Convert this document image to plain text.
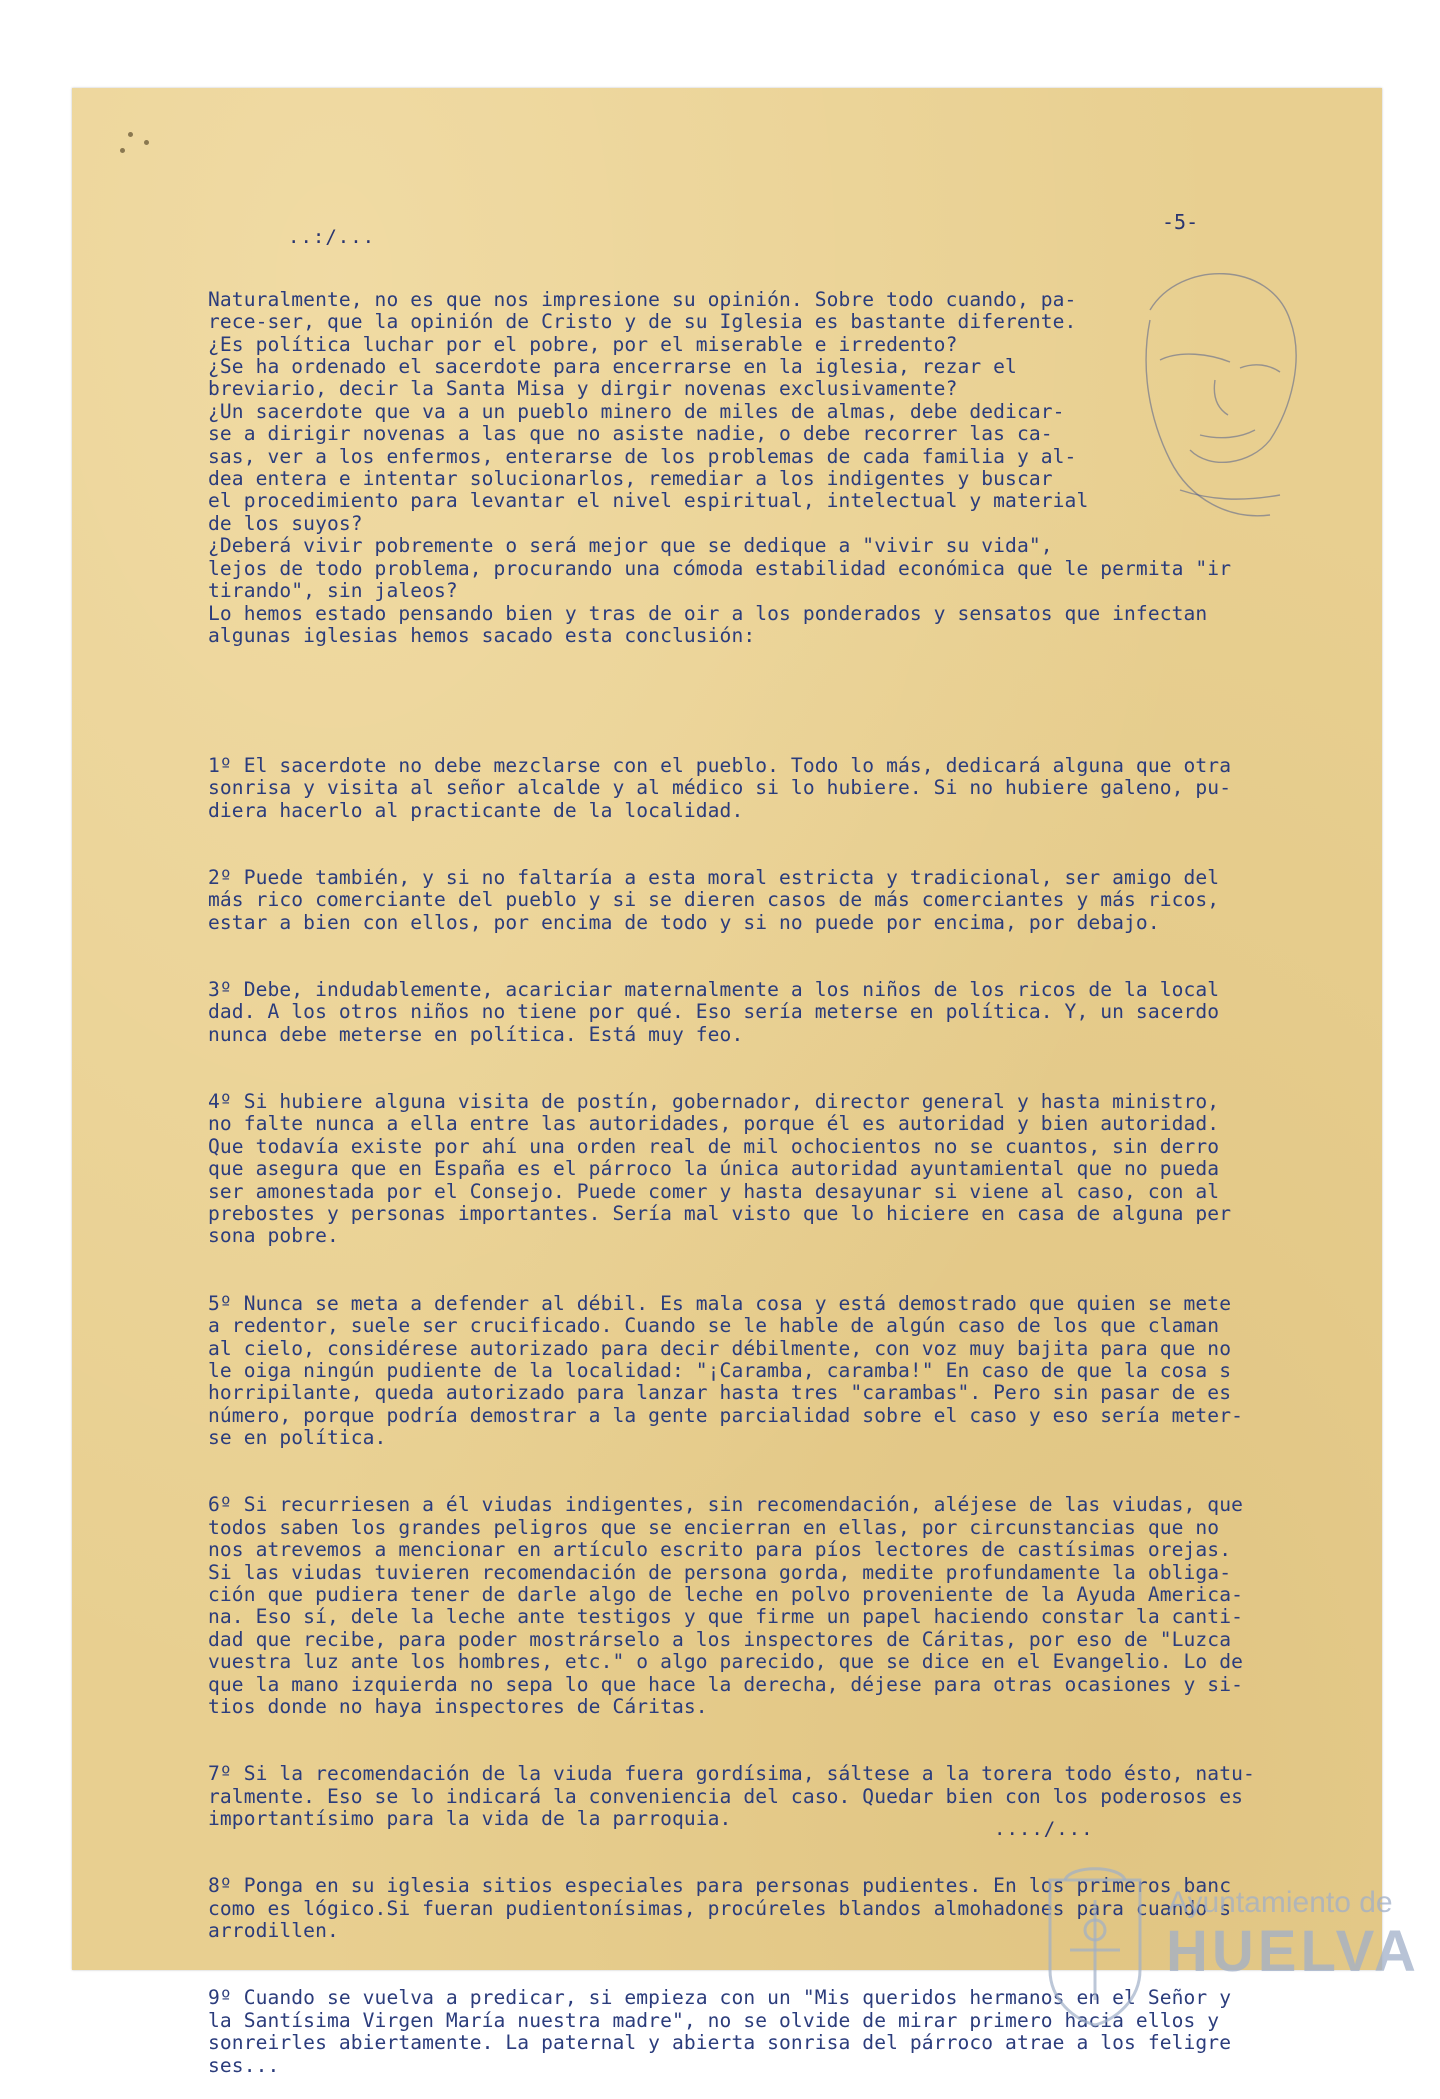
..:/...
-5-

Naturalmente, no es que nos impresione su opinión. Sobre todo cuando, pa-
rece-ser, que la opinión de Cristo y de su Iglesia es bastante diferente.
¿Es política luchar por el pobre, por el miserable e irredento?
¿Se ha ordenado el sacerdote para encerrarse en la iglesia, rezar el
breviario, decir la Santa Misa y dirgir novenas exclusivamente?
¿Un sacerdote que va a un pueblo minero de miles de almas, debe dedicar-
se a dirigir novenas a las que no asiste nadie, o debe recorrer las ca-
sas, ver a los enfermos, enterarse de los problemas de cada familia y al-
dea entera e intentar solucionarlos, remediar a los indigentes y buscar
el procedimiento para levantar el nivel espiritual, intelectual y material
de los suyos?
¿Deberá vivir pobremente o será mejor que se dedique a "vivir su vida",
lejos de todo problema, procurando una cómoda estabilidad económica que le permita "ir
tirando", sin jaleos?
Lo hemos estado pensando bien y tras de oir a los ponderados y sensatos que infectan
algunas iglesias hemos sacado esta conclusión:

1º El sacerdote no debe mezclarse con el pueblo. Todo lo más, dedicará alguna que otra
sonrisa y visita al señor alcalde y al médico si lo hubiere. Si no hubiere galeno, pu-
diera hacerlo al practicante de la localidad.

2º Puede también, y si no faltaría a esta moral estricta y tradicional, ser amigo del
más rico comerciante del pueblo y si se dieren casos de más comerciantes y más ricos,
estar a bien con ellos, por encima de todo y si no puede por encima, por debajo.

3º Debe, indudablemente, acariciar maternalmente a los niños de los ricos de la local
dad. A los otros niños no tiene por qué. Eso sería meterse en política. Y, un sacerdo
nunca debe meterse en política. Está muy feo.

4º Si hubiere alguna visita de postín, gobernador, director general y hasta ministro,
no falte nunca a ella entre las autoridades, porque él es autoridad y bien autoridad.
Que todavía existe por ahí una orden real de mil ochocientos no se cuantos, sin derro
que asegura que en España es el párroco la única autoridad ayuntamiental que no pueda
ser amonestada por el Consejo. Puede comer y hasta desayunar si viene al caso, con al
prebostes y personas importantes. Sería mal visto que lo hiciere en casa de alguna per
sona pobre.

5º Nunca se meta a defender al débil. Es mala cosa y está demostrado que quien se mete
a redentor, suele ser crucificado. Cuando se le hable de algún caso de los que claman
al cielo, considérese autorizado para decir débilmente, con voz muy bajita para que no
le oiga ningún pudiente de la localidad: "¡Caramba, caramba!" En caso de que la cosa s
horripilante, queda autorizado para lanzar hasta tres "carambas". Pero sin pasar de es
número, porque podría demostrar a la gente parcialidad sobre el caso y eso sería meter-
se en política.

6º Si recurriesen a él viudas indigentes, sin recomendación, aléjese de las viudas, que
todos saben los grandes peligros que se encierran en ellas, por circunstancias que no
nos atrevemos a mencionar en artículo escrito para píos lectores de castísimas orejas.
Si las viudas tuvieren recomendación de persona gorda, medite profundamente la obliga-
ción que pudiera tener de darle algo de leche en polvo proveniente de la Ayuda America-
na. Eso sí, dele la leche ante testigos y que firme un papel haciendo constar la canti-
dad que recibe, para poder mostrárselo a los inspectores de Cáritas, por eso de "Luzca
vuestra luz ante los hombres, etc." o algo parecido, que se dice en el Evangelio. Lo de
que la mano izquierda no sepa lo que hace la derecha, déjese para otras ocasiones y si-
tios donde no haya inspectores de Cáritas.

7º Si la recomendación de la viuda fuera gordísima, sáltese a la torera todo ésto, natu-
ralmente. Eso se lo indicará la conveniencia del caso. Quedar bien con los poderosos es
importantísimo para la vida de la parroquia.

8º Ponga en su iglesia sitios especiales para personas pudientes. En los primeros banc
como es lógico.Si fueran pudientonísimas, procúreles blandos almohadones para cuando s
arrodillen.

9º Cuando se vuelva a predicar, si empieza con un "Mis queridos hermanos en el Señor y
la Santísima Virgen María nuestra madre", no se olvide de mirar primero hacia ellos y
sonreirles abiertamente. La paternal y abierta sonrisa del párroco atrae a los feligre
ses...

..../...
Ayuntamiento de
HUELVA
